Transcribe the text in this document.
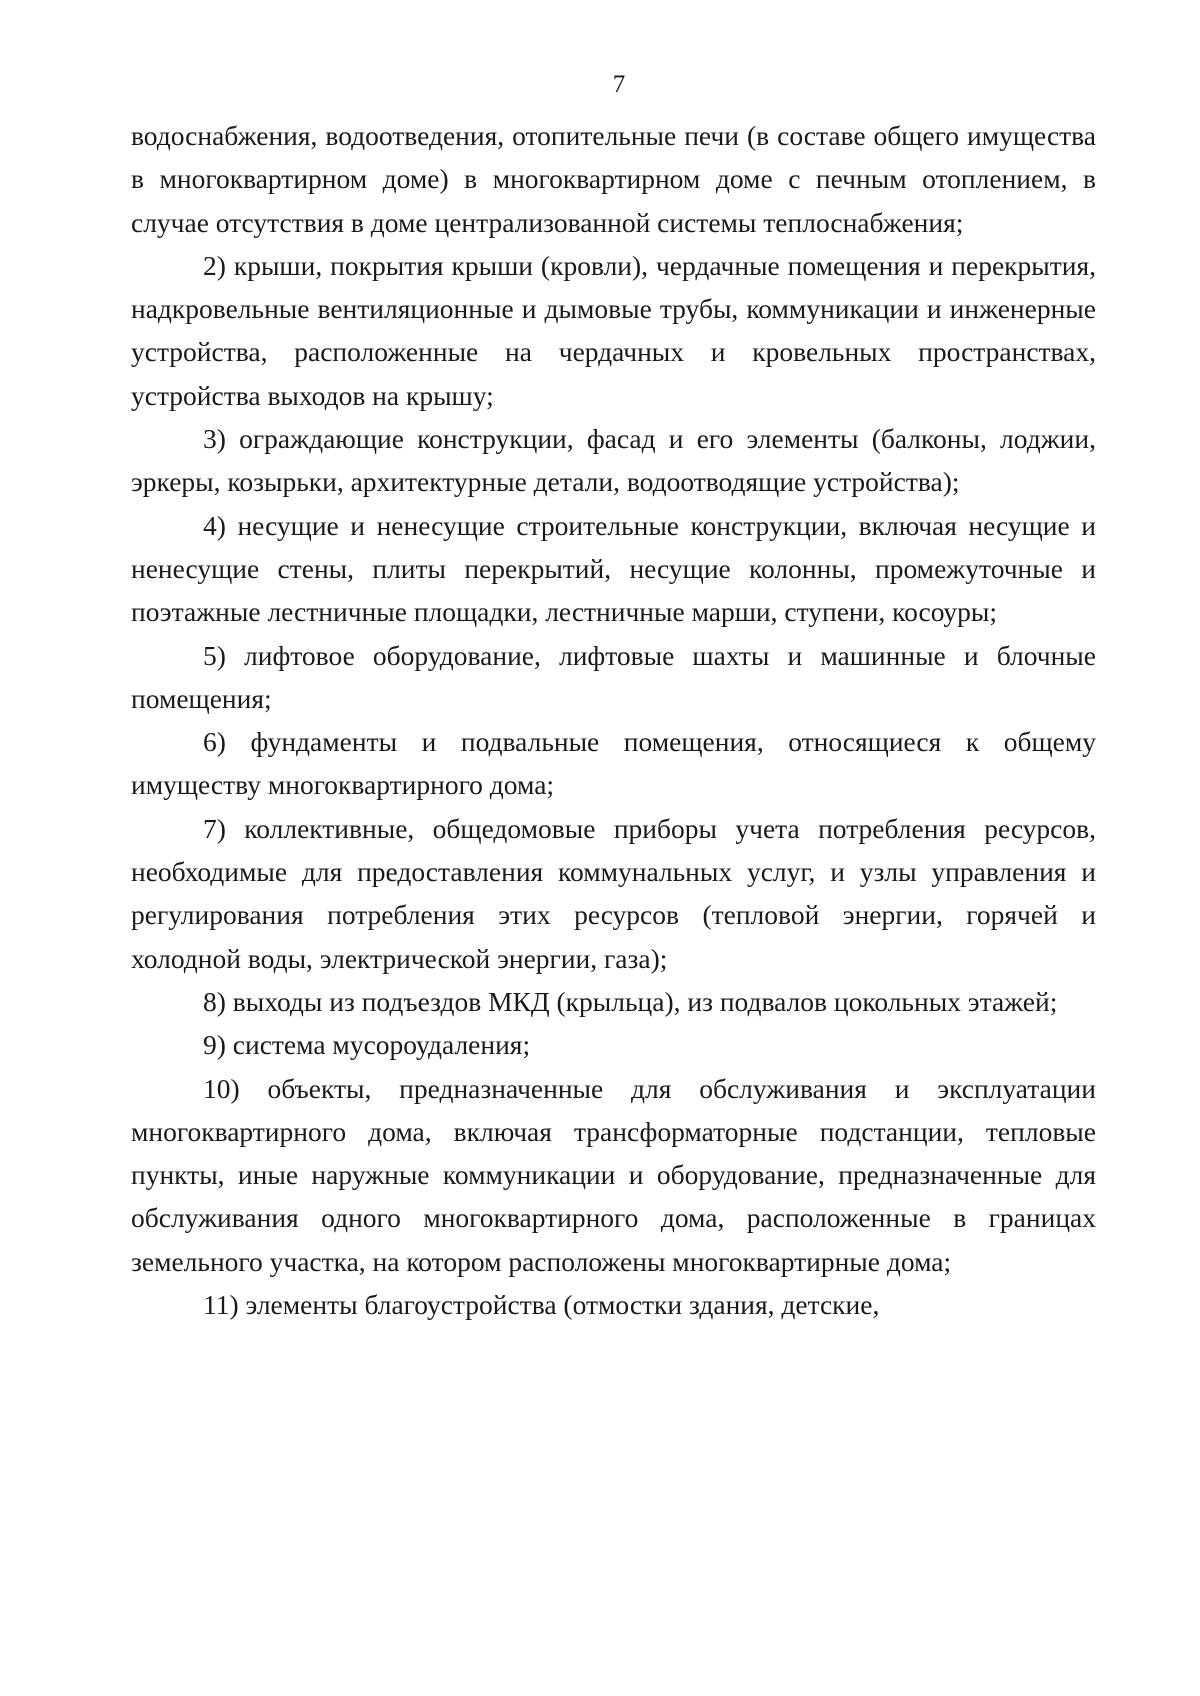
7

водоснабжения, водоотведения, отопительные печи (в составе общего имущества в многоквартирном доме) в многоквартирном доме с печным отоплением, в случае отсутствия в доме централизованной системы теплоснабжения;

2) крыши, покрытия крыши (кровли), чердачные помещения и перекрытия, надкровельные вентиляционные и дымовые трубы, коммуникации и инженерные устройства, расположенные на чердачных и кровельных пространствах, устройства выходов на крышу;

3) ограждающие конструкции, фасад и его элементы (балконы, лоджии, эркеры, козырьки, архитектурные детали, водоотводящие устройства);

4) несущие и ненесущие строительные конструкции, включая несущие и ненесущие стены, плиты перекрытий, несущие колонны, промежуточные и поэтажные лестничные площадки, лестничные марши, ступени, косоуры;

5) лифтовое оборудование, лифтовые шахты и машинные и блочные помещения;

6) фундаменты и подвальные помещения, относящиеся к общему имуществу многоквартирного дома;

7) коллективные, общедомовые приборы учета потребления ресурсов, необходимые для предоставления коммунальных услуг, и узлы управления и регулирования потребления этих ресурсов (тепловой энергии, горячей и холодной воды, электрической энергии, газа);

8) выходы из подъездов МКД (крыльца), из подвалов цокольных этажей;

9) система мусороудаления;

10) объекты, предназначенные для обслуживания и эксплуатации многоквартирного дома, включая трансформаторные подстанции, тепловые пункты, иные наружные коммуникации и оборудование, предназначенные для обслуживания одного многоквартирного дома, расположенные в границах земельного участка, на котором расположены многоквартирные дома;

11) элементы благоустройства (отмостки здания, детские,
